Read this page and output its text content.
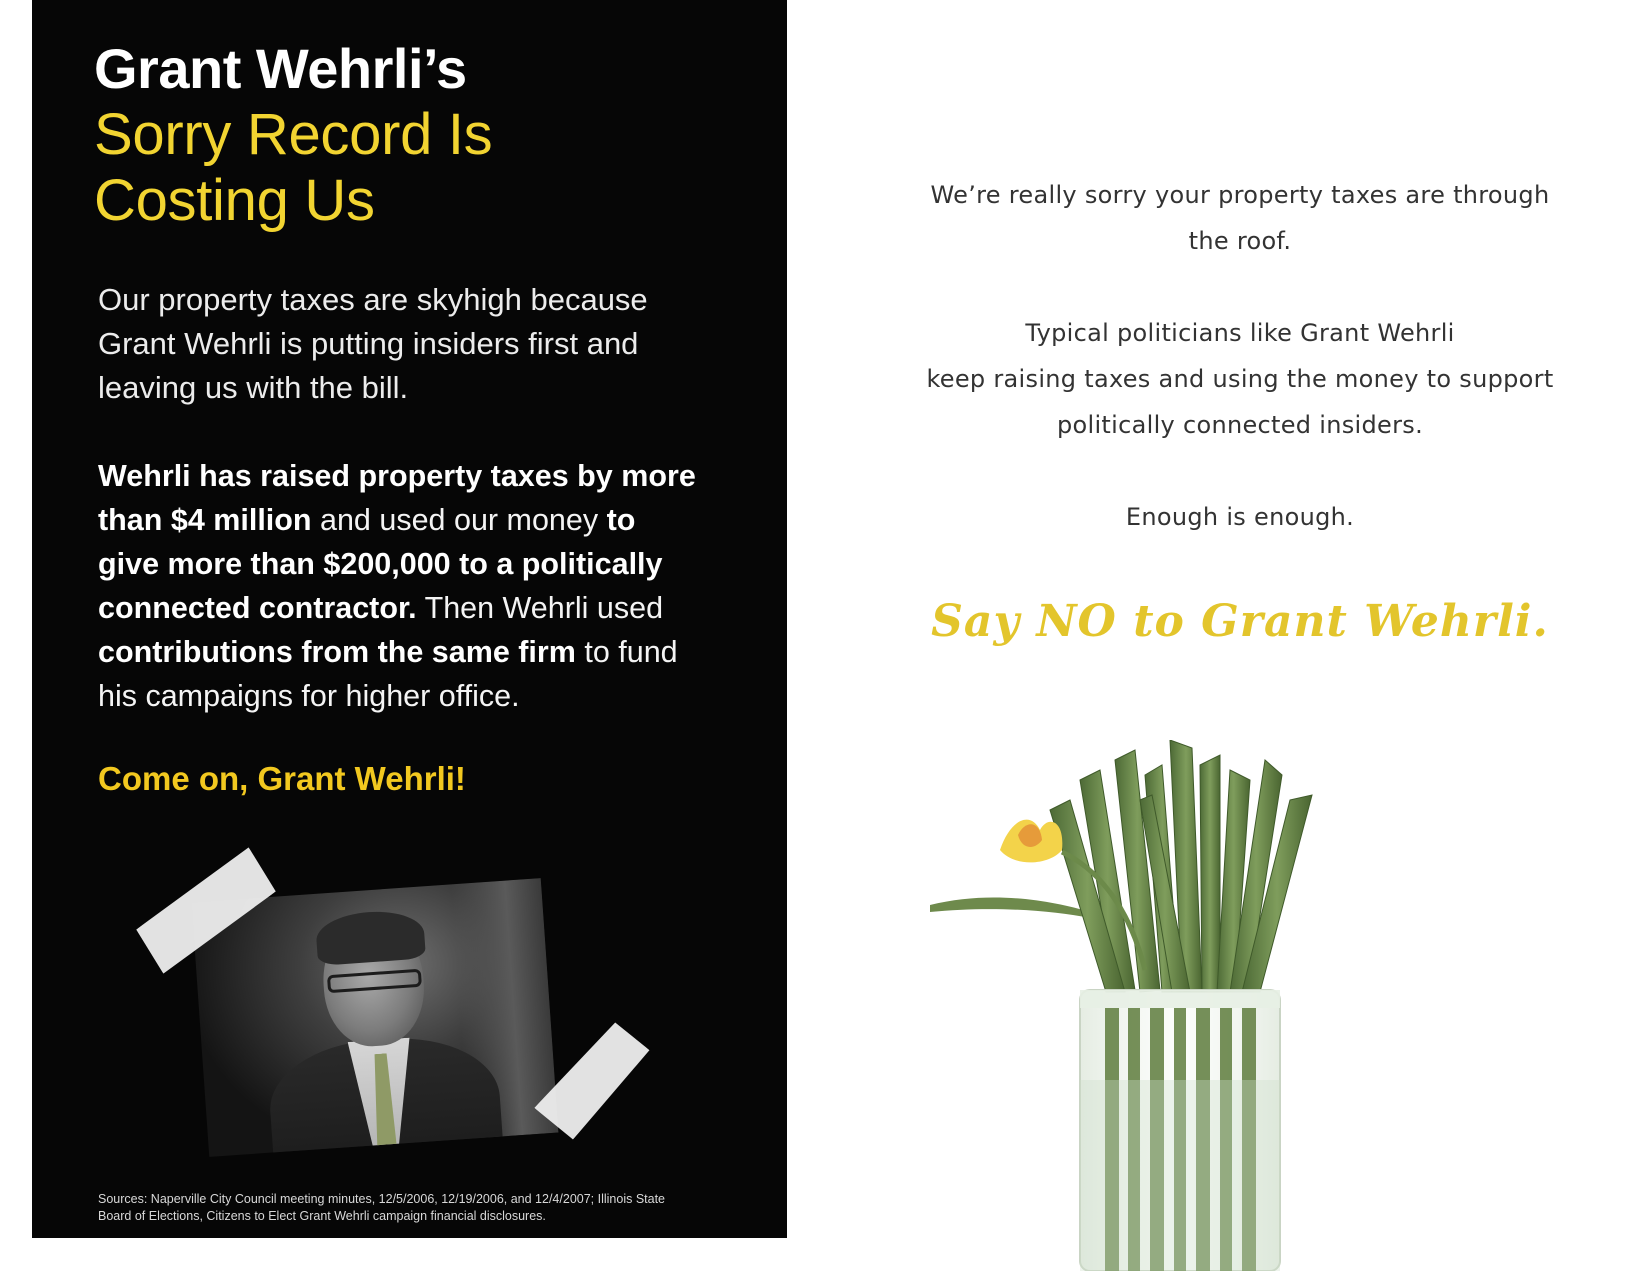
Grant Wehrli’s
Sorry Record Is
Costing Us
Our property taxes are skyhigh because
Grant Wehrli is putting insiders first and
leaving us with the bill.
Wehrli has raised property taxes by more
than $4 million and used our money to
give more than $200,000 to a politically
connected contractor. Then Wehrli used
contributions from the same firm to fund
his campaigns for higher office.
Come on, Grant Wehrli!
Sources: Naperville City Council meeting minutes, 12/5/2006, 12/19/2006, and 12/4/2007; Illinois State
Board of Elections, Citizens to Elect Grant Wehrli campaign financial disclosures.

We’re really sorry your property taxes are through
the roof.

Typical politicians like Grant Wehrli
keep raising taxes and using the money to support
politically connected insiders.

Enough is enough.

Say NO to Grant Wehrli.
